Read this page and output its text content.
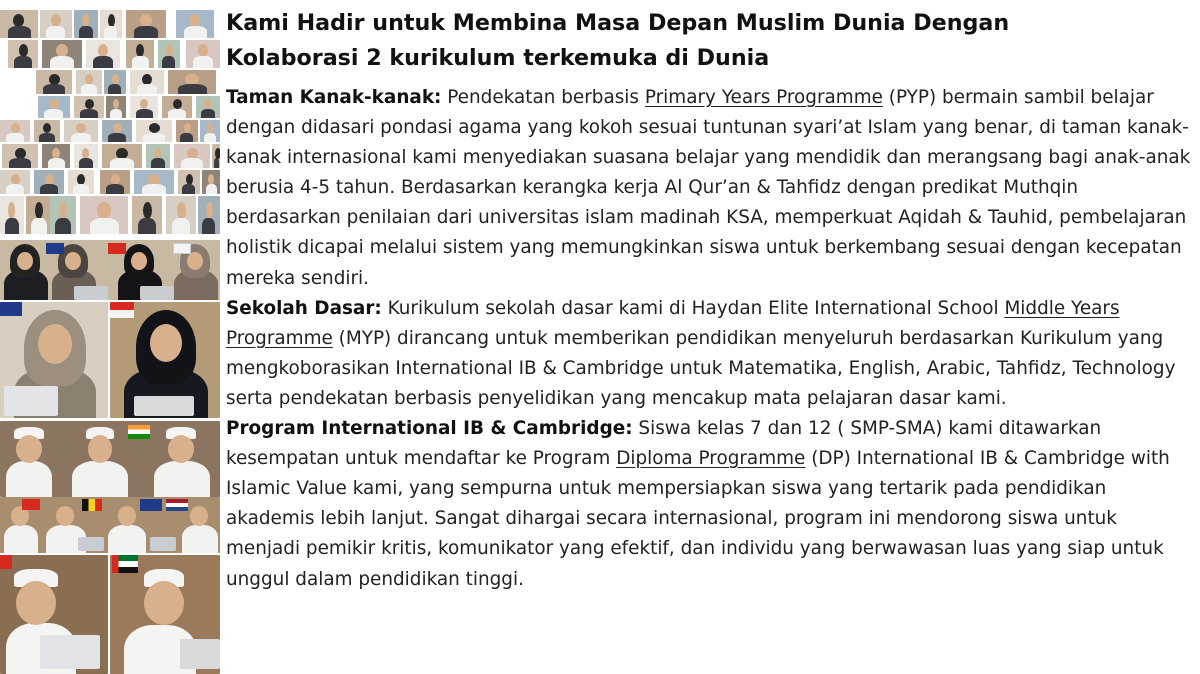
Kami Hadir untuk Membina Masa Depan Muslim Dunia Dengan
Kolaborasi 2 kurikulum terkemuka di Dunia

Taman Kanak-kanak: Pendekatan berbasis Primary Years Programme (PYP) bermain sambil belajar dengan didasari pondasi agama yang kokoh sesuai tuntunan syari’at Islam yang benar, di taman kanak-kanak internasional kami menyediakan suasana belajar yang mendidik dan merangsang bagi anak-anak berusia 4-5 tahun. Berdasarkan kerangka kerja Al Qur’an & Tahfidz dengan predikat Muthqin berdasarkan penilaian dari universitas islam madinah KSA, memperkuat Aqidah & Tauhid, pembelajaran holistik dicapai melalui sistem yang memungkinkan siswa untuk berkembang sesuai dengan kecepatan mereka sendiri.

Sekolah Dasar: Kurikulum sekolah dasar kami di Haydan Elite International School Middle Years Programme (MYP) dirancang untuk memberikan pendidikan menyeluruh berdasarkan Kurikulum yang mengkoborasikan International IB & Cambridge untuk Matematika, English, Arabic, Tahfidz, Technology serta pendekatan berbasis penyelidikan yang mencakup mata pelajaran dasar kami.

Program International IB & Cambridge: Siswa kelas 7 dan 12 ( SMP-SMA) kami ditawarkan kesempatan untuk mendaftar ke Program Diploma Programme (DP) International IB & Cambridge with Islamic Value kami, yang sempurna untuk mempersiapkan siswa yang tertarik pada pendidikan akademis lebih lanjut. Sangat dihargai secara internasional, program ini mendorong siswa untuk menjadi pemikir kritis, komunikator yang efektif, dan individu yang berwawasan luas yang siap untuk unggul dalam pendidikan tinggi.
